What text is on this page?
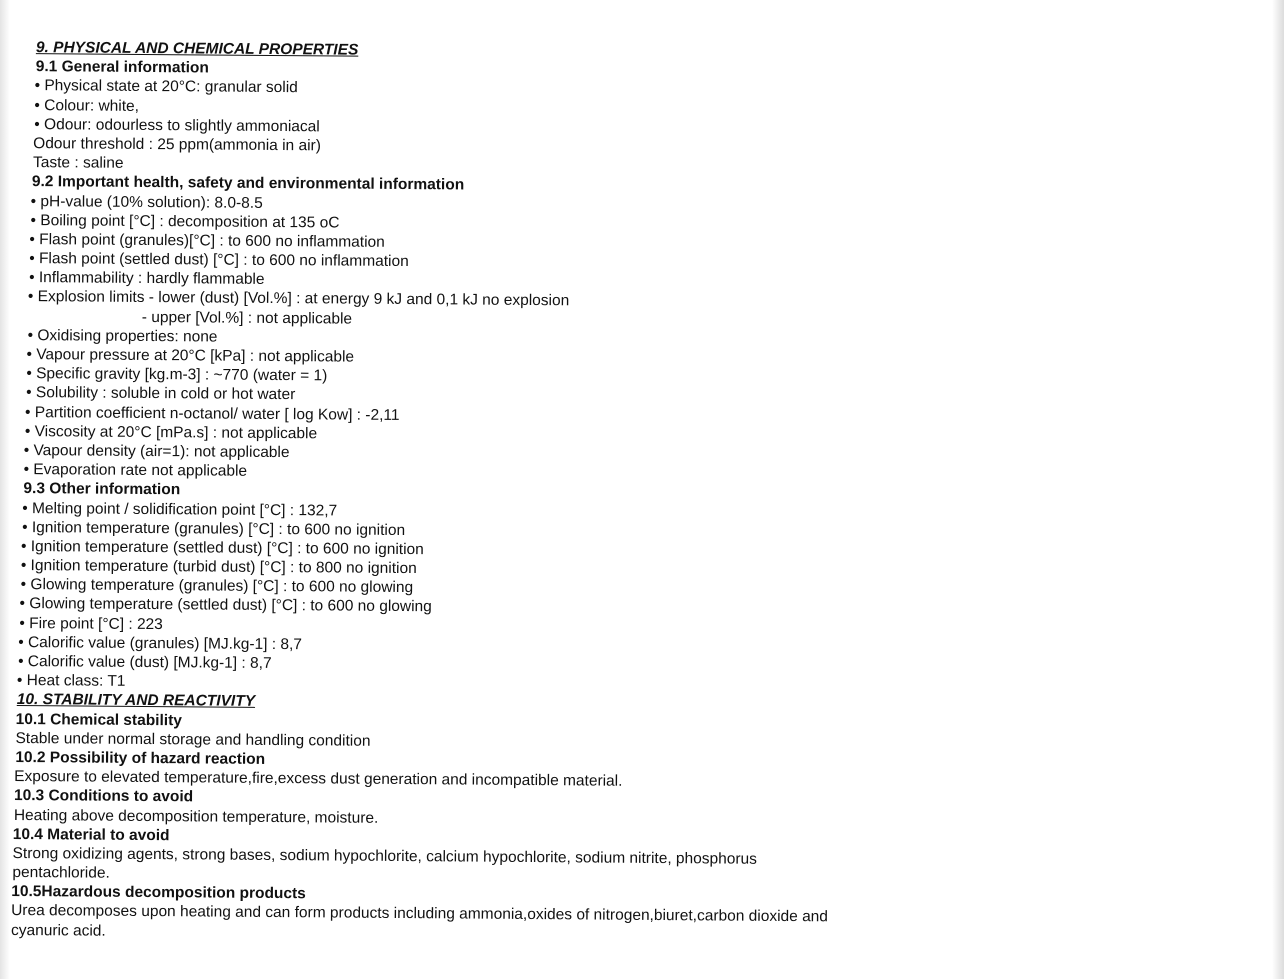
9. PHYSICAL AND CHEMICAL PROPERTIES
9.1 General information
• Physical state at 20°C: granular solid
• Colour: white,
• Odour: odourless to slightly ammoniacal
Odour threshold : 25 ppm(ammonia in air)
Taste : saline
9.2 Important health, safety and environmental information
• pH-value (10% solution): 8.0-8.5
• Boiling point [°C] : decomposition at 135 oC
• Flash point (granules)[°C] : to 600 no inflammation
• Flash point (settled dust) [°C] : to 600 no inflammation
• Inflammability : hardly flammable
• Explosion limits - lower (dust) [Vol.%] : at energy 9 kJ and 0,1 kJ no explosion
- upper [Vol.%] : not applicable
• Oxidising properties: none
• Vapour pressure at 20°C [kPa] : not applicable
• Specific gravity [kg.m-3] : ~770 (water = 1)
• Solubility : soluble in cold or hot water
• Partition coefficient n-octanol/ water [ log Kow] : -2,11
• Viscosity at 20°C [mPa.s] : not applicable
• Vapour density (air=1): not applicable
• Evaporation rate not applicable
9.3 Other information
• Melting point / solidification point [°C] : 132,7
• Ignition temperature (granules) [°C] : to 600 no ignition
• Ignition temperature (settled dust) [°C] : to 600 no ignition
• Ignition temperature (turbid dust) [°C] : to 800 no ignition
• Glowing temperature (granules) [°C] : to 600 no glowing
• Glowing temperature (settled dust) [°C] : to 600 no glowing
• Fire point [°C] : 223
• Calorific value (granules) [MJ.kg-1] : 8,7
• Calorific value (dust) [MJ.kg-1] : 8,7
• Heat class: T1
10. STABILITY AND REACTIVITY
10.1 Chemical stability
Stable under normal storage and handling condition
10.2 Possibility of hazard reaction
Exposure to elevated temperature,fire,excess dust generation and incompatible material.
10.3 Conditions to avoid
Heating above decomposition temperature, moisture.
10.4 Material to avoid
Strong oxidizing agents, strong bases, sodium hypochlorite, calcium hypochlorite, sodium nitrite, phosphorus
pentachloride.
10.5Hazardous decomposition products
Urea decomposes upon heating and can form products including ammonia,oxides of nitrogen,biuret,carbon dioxide and
cyanuric acid.
